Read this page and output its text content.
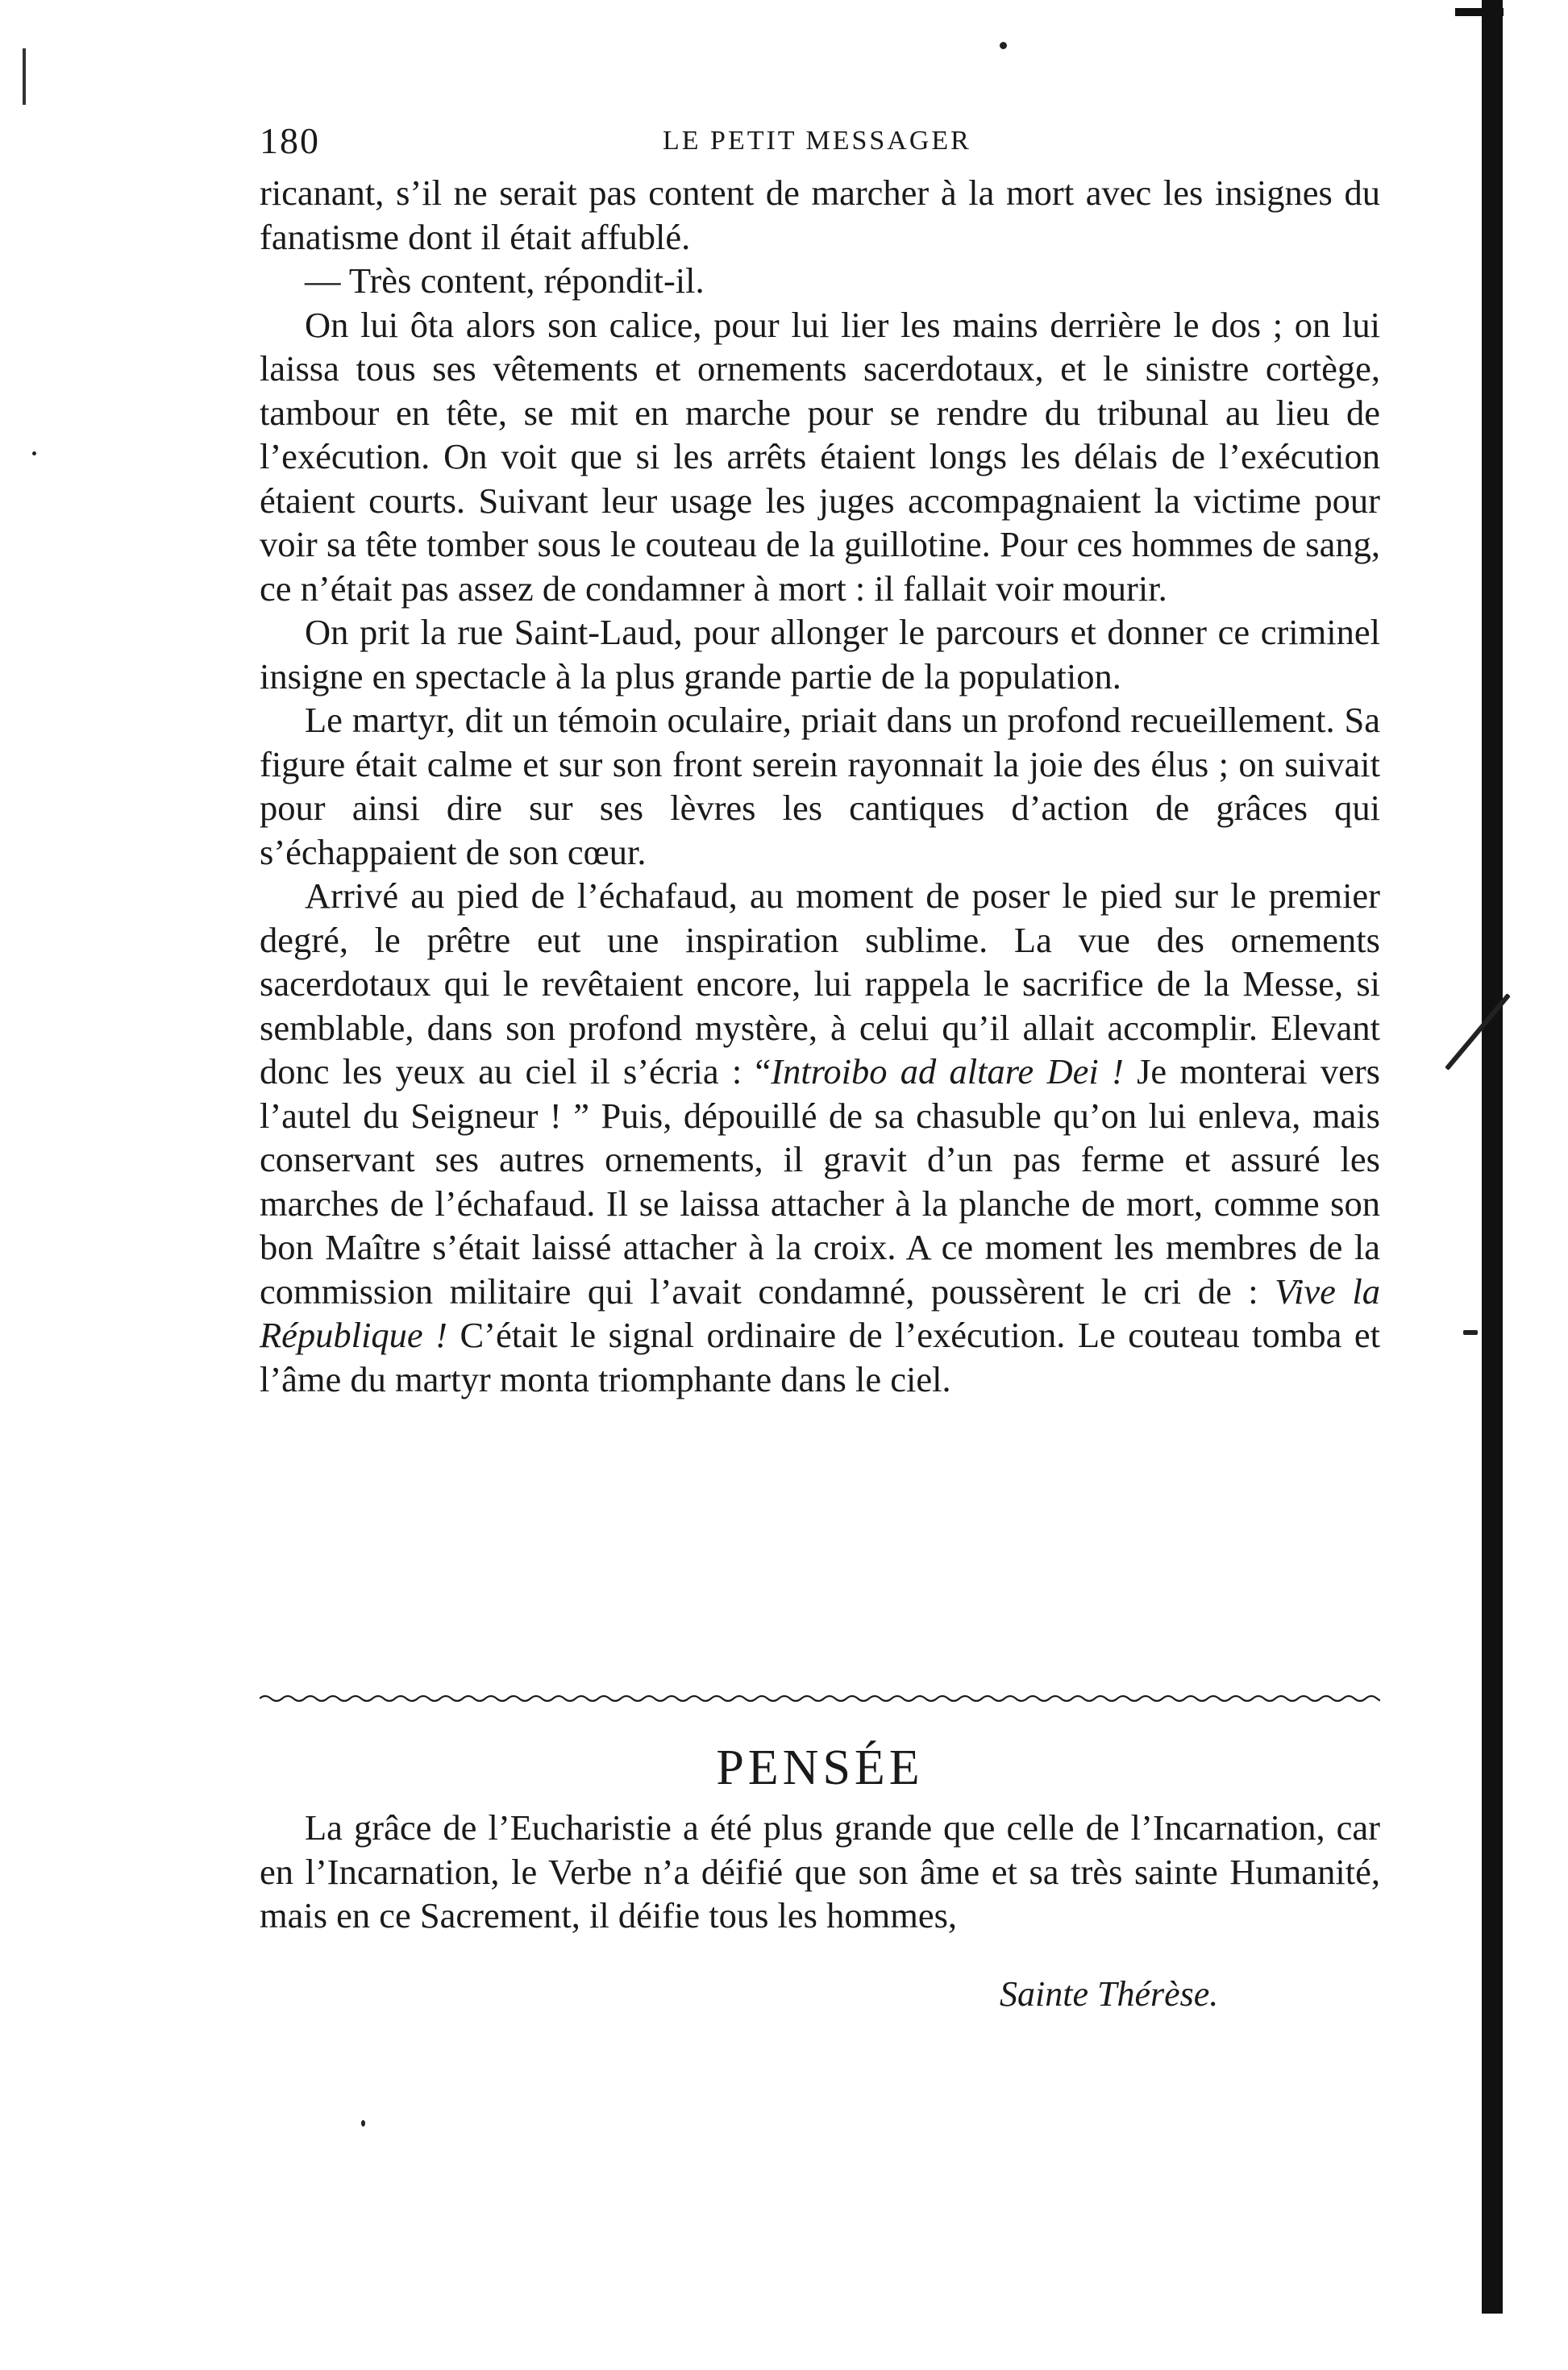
180	LE PETIT MESSAGER

ricanant, s’il ne serait pas content de marcher à la mort avec les insignes du fanatisme dont il était affublé.

— Très content, répondit-il.

On lui ôta alors son calice, pour lui lier les mains derrière le dos ; on lui laissa tous ses vêtements et ornements sacerdotaux, et le sinistre cortège, tambour en tête, se mit en marche pour se rendre du tribunal au lieu de l’exécution. On voit que si les arrêts étaient longs les délais de l’exécution étaient courts. Suivant leur usage les juges accompagnaient la victime pour voir sa tête tomber sous le couteau de la guillotine. Pour ces hommes de sang, ce n’était pas assez de condamner à mort : il fallait voir mourir.

On prit la rue Saint-Laud, pour allonger le parcours et donner ce criminel insigne en spectacle à la plus grande partie de la population.

Le martyr, dit un témoin oculaire, priait dans un profond recueillement. Sa figure était calme et sur son front serein rayonnait la joie des élus ; on suivait pour ainsi dire sur ses lèvres les cantiques d’action de grâces qui s’échappaient de son cœur.

Arrivé au pied de l’échafaud, au moment de poser le pied sur le premier degré, le prêtre eut une inspiration sublime. La vue des ornements sacerdotaux qui le revêtaient encore, lui rappela le sacrifice de la Messe, si semblable, dans son profond mystère, à celui qu’il allait accomplir. Elevant donc les yeux au ciel il s’écria : “Introibo ad altare Dei ! Je monterai vers l’autel du Seigneur ! ” Puis, dépouillé de sa chasuble qu’on lui enleva, mais conservant ses autres ornements, il gravit d’un pas ferme et assuré les marches de l’échafaud. Il se laissa attacher à la planche de mort, comme son bon Maître s’était laissé attacher à la croix. A ce moment les membres de la commission militaire qui l’avait condamné, poussèrent le cri de : Vive la République ! C’était le signal ordinaire de l’exécution. Le couteau tomba et l’âme du martyr monta triomphante dans le ciel.

PENSÉE

La grâce de l’Eucharistie a été plus grande que celle de l’Incarnation, car en l’Incarnation, le Verbe n’a déifié que son âme et sa très sainte Humanité, mais en ce Sacrement, il déifie tous les hommes,

Sainte Thérèse.
